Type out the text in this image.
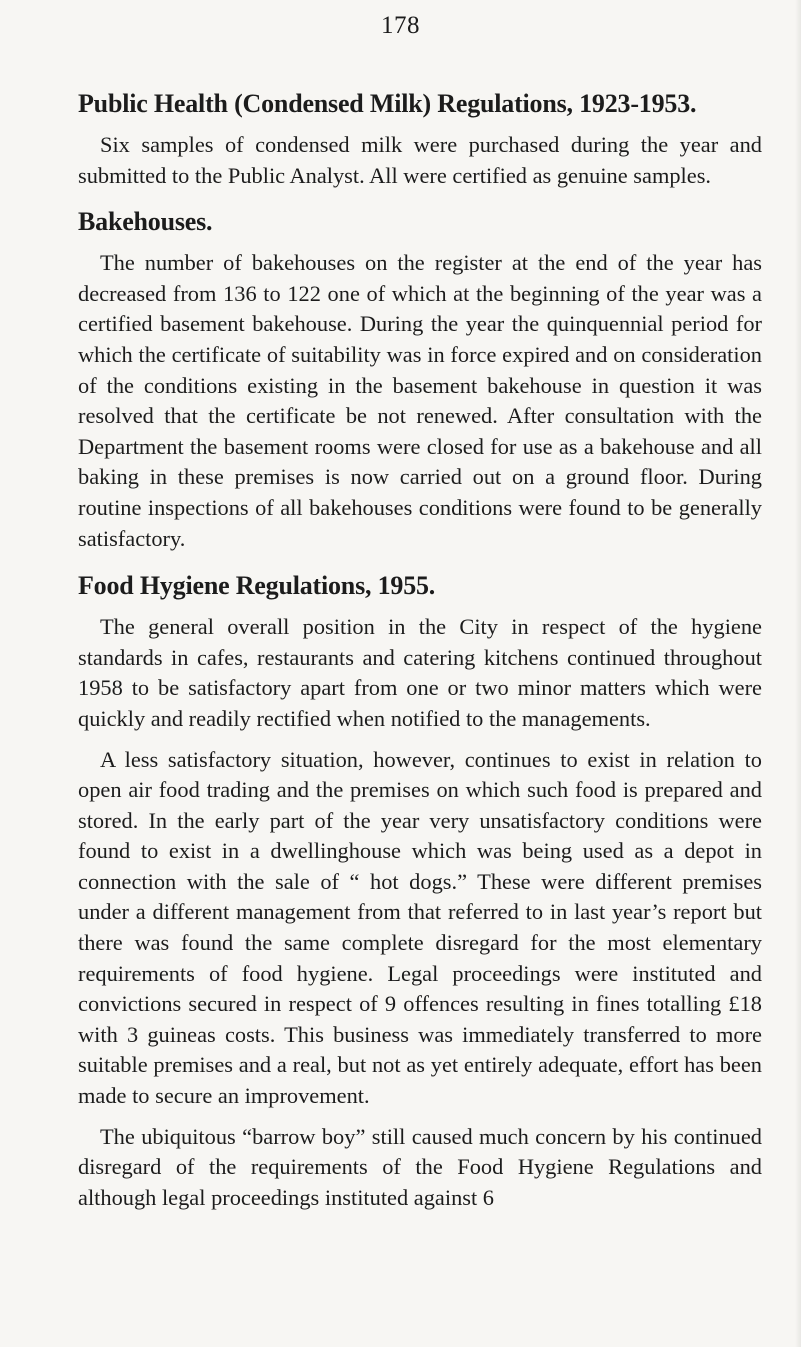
178
Public Health (Condensed Milk) Regulations, 1923-1953.

Six samples of condensed milk were purchased during the year and submitted to the Public Analyst. All were certified as genuine samples.

Bakehouses.

The number of bakehouses on the register at the end of the year has decreased from 136 to 122 one of which at the beginning of the year was a certified basement bakehouse. During the year the quinquennial period for which the certificate of suitability was in force expired and on consideration of the conditions existing in the basement bakehouse in question it was resolved that the certificate be not renewed. After consultation with the Department the basement rooms were closed for use as a bakehouse and all baking in these premises is now carried out on a ground floor. During routine inspections of all bakehouses conditions were found to be generally satisfactory.

Food Hygiene Regulations, 1955.

The general overall position in the City in respect of the hygiene standards in cafes, restaurants and catering kitchens continued throughout 1958 to be satisfactory apart from one or two minor matters which were quickly and readily rectified when notified to the managements.

A less satisfactory situation, however, continues to exist in relation to open air food trading and the premises on which such food is prepared and stored. In the early part of the year very unsatisfactory conditions were found to exist in a dwellinghouse which was being used as a depot in connection with the sale of “ hot dogs.” These were different premises under a different management from that referred to in last year’s report but there was found the same complete disregard for the most elementary requirements of food hygiene. Legal proceedings were instituted and convictions secured in respect of 9 offences resulting in fines totalling £18 with 3 guineas costs. This business was immediately transferred to more suitable premises and a real, but not as yet entirely adequate, effort has been made to secure an improvement.

The ubiquitous “barrow boy” still caused much concern by his continued disregard of the requirements of the Food Hygiene Regulations and although legal proceedings instituted against 6
